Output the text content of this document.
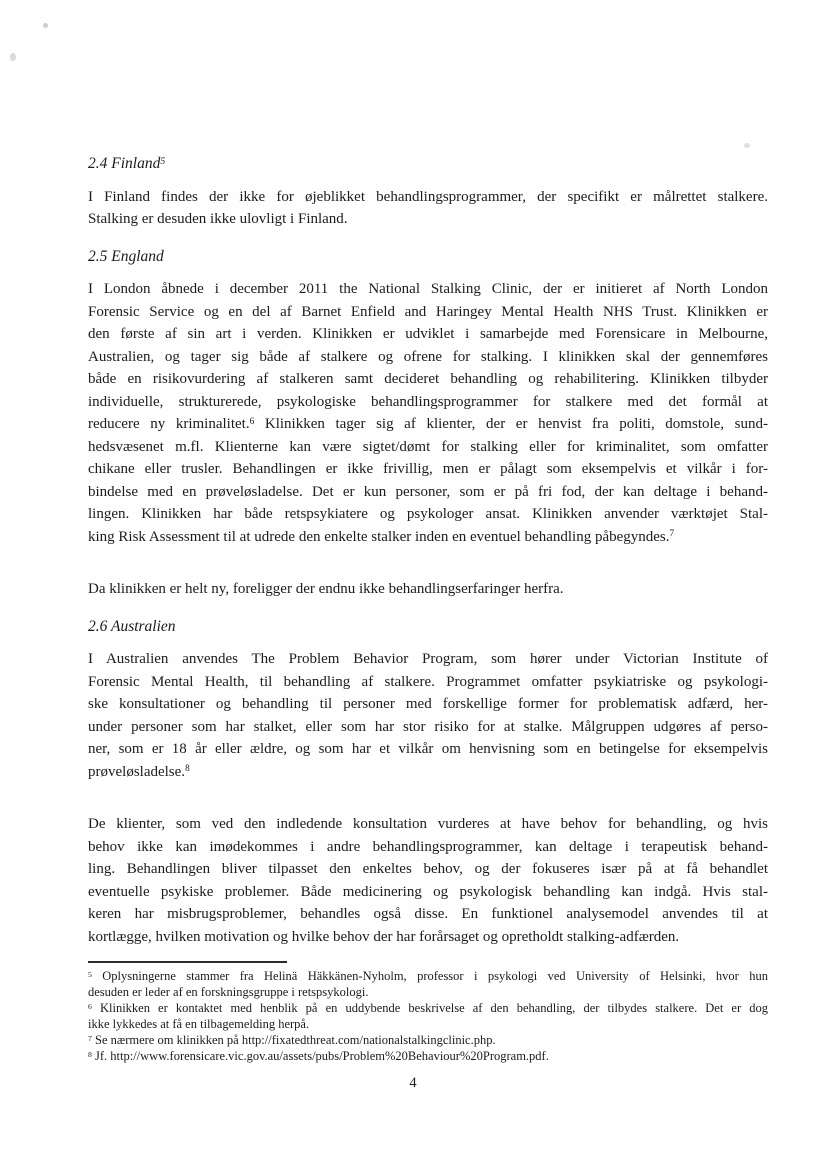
2.4 Finland$^5$
I Finland findes der ikke for øjeblikket behandlingsprogrammer, der specifikt er målrettet stalkere.
Stalking er desuden ikke ulovligt i Finland.
2.5 England
I London åbnede i december 2011 the National Stalking Clinic, der er initieret af North London
Forensic Service og en del af Barnet Enfield and Haringey Mental Health NHS Trust. Klinikken er
den første af sin art i verden. Klinikken er udviklet i samarbejde med Forensicare in Melbourne,
Australien, og tager sig både af stalkere og ofrene for stalking. I klinikken skal der gennemføres
både en risikovurdering af stalkeren samt decideret behandling og rehabilitering. Klinikken tilbyder
individuelle, strukturerede, psykologiske behandlingsprogrammer for stalkere med det formål at
reducere ny kriminalitet.$^6$ Klinikken tager sig af klienter, der er henvist fra politi, domstole, sund-
hedsvæsenet m.fl. Klienterne kan være sigtet/dømt for stalking eller for kriminalitet, som omfatter
chikane eller trusler. Behandlingen er ikke frivillig, men er pålagt som eksempelvis et vilkår i for-
bindelse med en prøveløsladelse. Det er kun personer, som er på fri fod, der kan deltage i behand-
lingen. Klinikken har både retspsykiatere og psykologer ansat. Klinikken anvender værktøjet Stal-
king Risk Assessment til at udrede den enkelte stalker inden en eventuel behandling påbegyndes.$^7$
Da klinikken er helt ny, foreligger der endnu ikke behandlingserfaringer herfra.
2.6 Australien
I Australien anvendes The Problem Behavior Program, som hører under Victorian Institute of
Forensic Mental Health, til behandling af stalkere. Programmet omfatter psykiatriske og psykologi-
ske konsultationer og behandling til personer med forskellige former for problematisk adfærd, her-
under personer som har stalket, eller som har stor risiko for at stalke. Målgruppen udgøres af perso-
ner, som er 18 år eller ældre, og som har et vilkår om henvisning som en betingelse for eksempelvis
prøveløsladelse.$^8$
De klienter, som ved den indledende konsultation vurderes at have behov for behandling, og hvis
behov ikke kan imødekommes i andre behandlingsprogrammer, kan deltage i terapeutisk behand-
ling. Behandlingen bliver tilpasset den enkeltes behov, og der fokuseres især på at få behandlet
eventuelle psykiske problemer. Både medicinering og psykologisk behandling kan indgå. Hvis stal-
keren har misbrugsproblemer, behandles også disse. En funktionel analysemodel anvendes til at
kortlægge, hvilken motivation og hvilke behov der har forårsaget og opretholdt stalking-adfærden.
$^5$ Oplysningerne stammer fra Helinä Häkkänen-Nyholm, professor i psykologi ved University of Helsinki, hvor hun
desuden er leder af en forskningsgruppe i retspsykologi.
$^6$ Klinikken er kontaktet med henblik på en uddybende beskrivelse af den behandling, der tilbydes stalkere. Det er dog
ikke lykkedes at få en tilbagemelding herpå.
$^7$ Se nærmere om klinikken på http://fixatedthreat.com/nationalstalkingclinic.php.
$^8$ Jf. http://www.forensicare.vic.gov.au/assets/pubs/Problem%20Behaviour%20Program.pdf.
4
